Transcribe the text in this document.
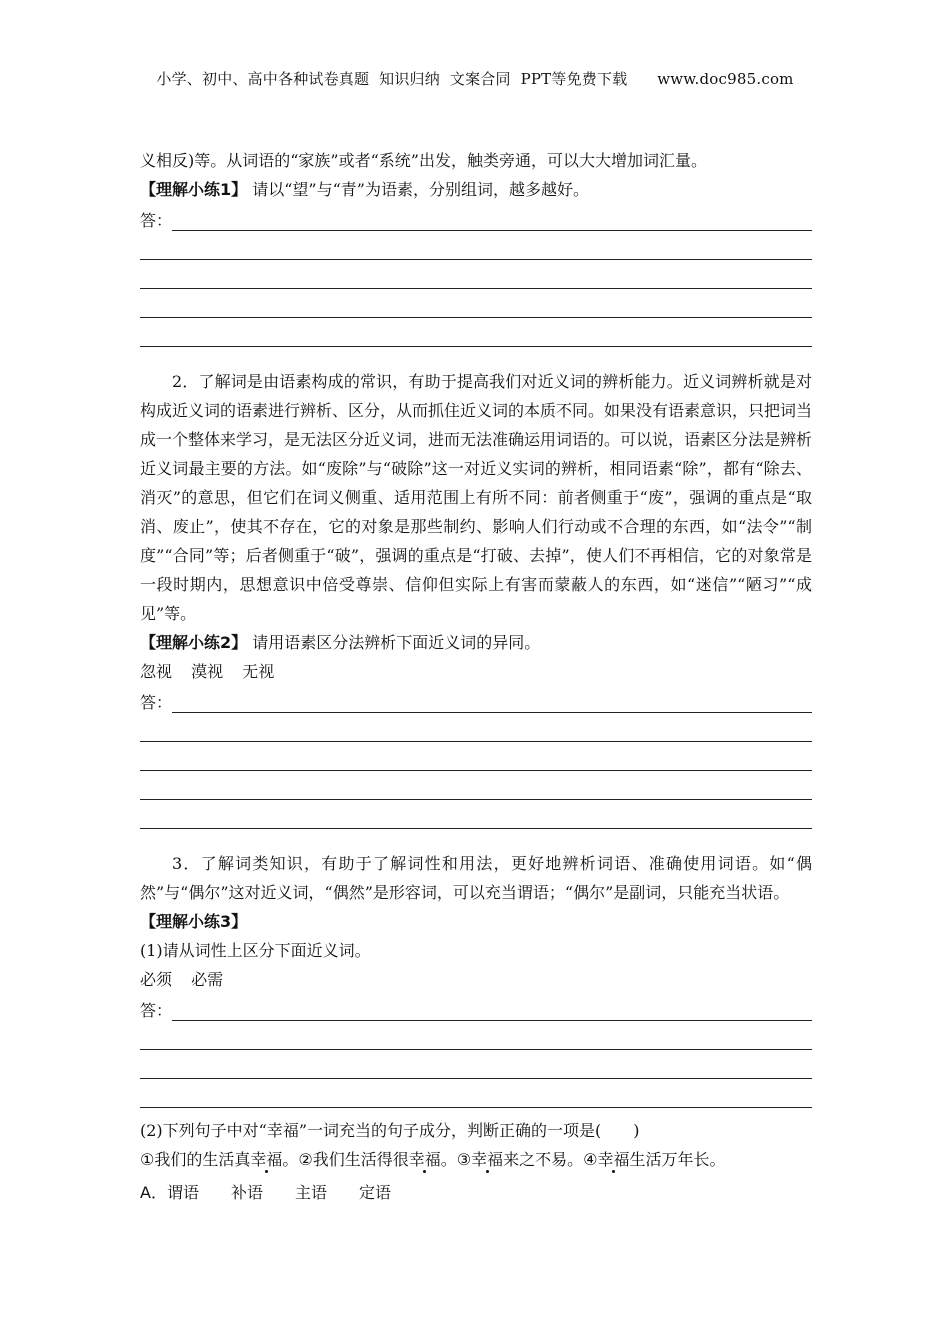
小学、初中、高中各种试卷真题  知识归纳  文案合同  PPT等免费下载      www.doc985.com
义相反)等。从词语的“家族”或者“系统”出发，触类旁通，可以大大增加词汇量。
【理解小练1】 请以“望”与“青”为语素，分别组词，越多越好。
答：
2．了解词是由语素构成的常识，有助于提高我们对近义词的辨析能力。近义词辨析就是对构成近义词的语素进行辨析、区分，从而抓住近义词的本质不同。如果没有语素意识，只把词当成一个整体来学习，是无法区分近义词，进而无法准确运用词语的。可以说，语素区分法是辨析近义词最主要的方法。如“废除”与“破除”这一对近义实词的辨析，相同语素“除”，都有“除去、消灭”的意思，但它们在词义侧重、适用范围上有所不同：前者侧重于“废”，强调的重点是“取消、废止”，使其不存在，它的对象是那些制约、影响人们行动或不合理的东西，如“法令”“制度”“合同”等；后者侧重于“破”，强调的重点是“打破、去掉”，使人们不再相信，它的对象常是一段时期内，思想意识中倍受尊崇、信仰但实际上有害而蒙蔽人的东西，如“迷信”“陋习”“成见”等。
【理解小练2】 请用语素区分法辨析下面近义词的异同。
忽视 漠视 无视
答：
3．了解词类知识，有助于了解词性和用法，更好地辨析词语、准确使用词语。如“偶然”与“偶尔”这对近义词，“偶然”是形容词，可以充当谓语；“偶尔”是副词，只能充当状语。
【理解小练3】
(1)请从词性上区分下面近义词。
必须 必需
答：
(2)下列句子中对“幸福”一词充当的句子成分，判断正确的一项是(　　)
①我们的生活真幸福。②我们生活得很幸福。③幸福来之不易。④幸福生活万年长。
A．谓语 补语 主语 定语
